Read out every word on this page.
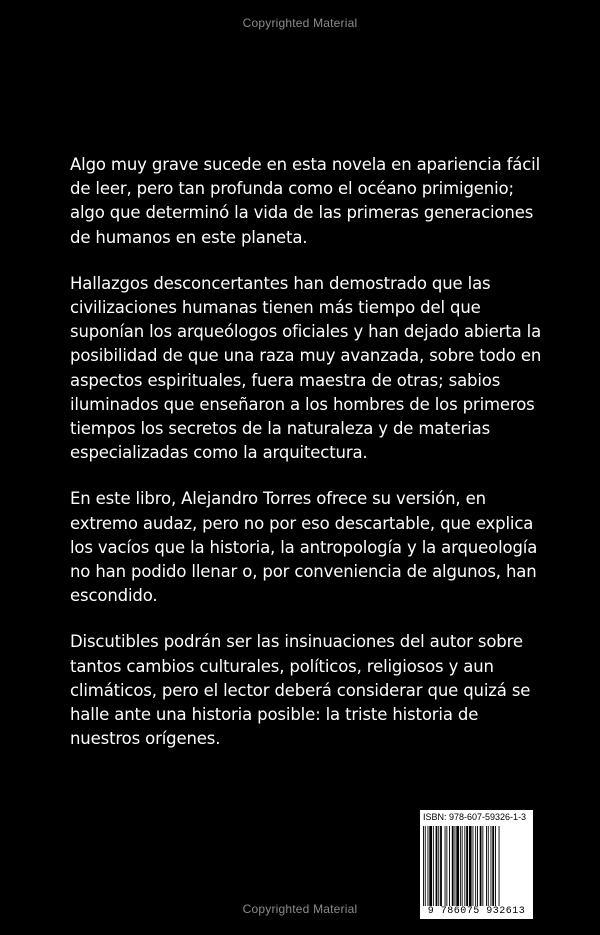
Copyrighted Material

Algo muy grave sucede en esta novela en apariencia fácil de leer, pero tan profunda como el océano primigenio; algo que determinó la vida de las primeras generaciones de humanos en este planeta.

Hallazgos desconcertantes han demostrado que las civilizaciones humanas tienen más tiempo del que suponían los arqueólogos oficiales y han dejado abierta la posibilidad de que una raza muy avanzada, sobre todo en aspectos espirituales, fuera maestra de otras; sabios iluminados que enseñaron a los hombres de los primeros tiempos los secretos de la naturaleza y de materias especializadas como la arquitectura.

En este libro, Alejandro Torres ofrece su versión, en extremo audaz, pero no por eso descartable, que explica los vacíos que la historia, la antropología y la arqueología no han podido llenar o, por conveniencia de algunos, han escondido.

Discutibles podrán ser las insinuaciones del autor sobre tantos cambios culturales, políticos, religiosos y aun climáticos, pero el lector deberá considerar que quizá se halle ante una historia posible: la triste historia de nuestros orígenes.

ISBN: 978-607-59326-1-3
9 786075 932613
Copyrighted Material
